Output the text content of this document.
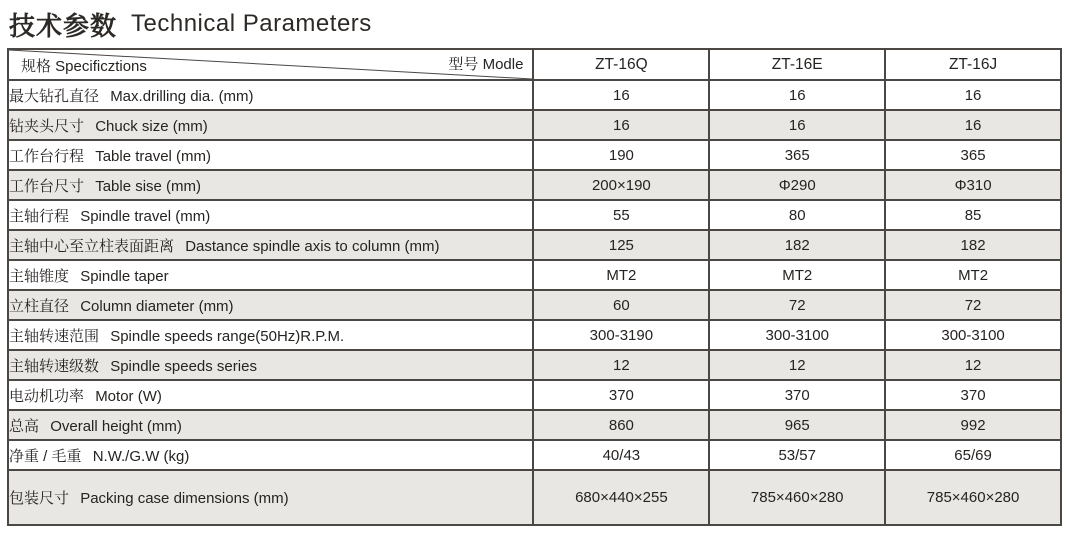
技术参数 Technical Parameters
规格 Specificztions 型号 Modle	ZT-16Q	ZT-16E	ZT-16J
最大钻孔直径 Max.drilling dia. (mm)	16	16	16
钻夹头尺寸 Chuck size (mm)	16	16	16
工作台行程 Table travel (mm)	190	365	365
工作台尺寸 Table sise (mm)	200×190	Φ290	Φ310
主轴行程 Spindle travel (mm)	55	80	85
主轴中心至立柱表面距离 Dastance spindle axis to column (mm)	125	182	182
主轴锥度 Spindle taper	MT2	MT2	MT2
立柱直径 Column diameter (mm)	60	72	72
主轴转速范围 Spindle speeds range(50Hz)R.P.M.	300-3190	300-3100	300-3100
主轴转速级数 Spindle speeds series	12	12	12
电动机功率 Motor (W)	370	370	370
总高 Overall height (mm)	860	965	992
净重 / 毛重 N.W./G.W (kg)	40/43	53/57	65/69
包装尺寸 Packing case dimensions (mm)	680×440×255	785×460×280	785×460×280
